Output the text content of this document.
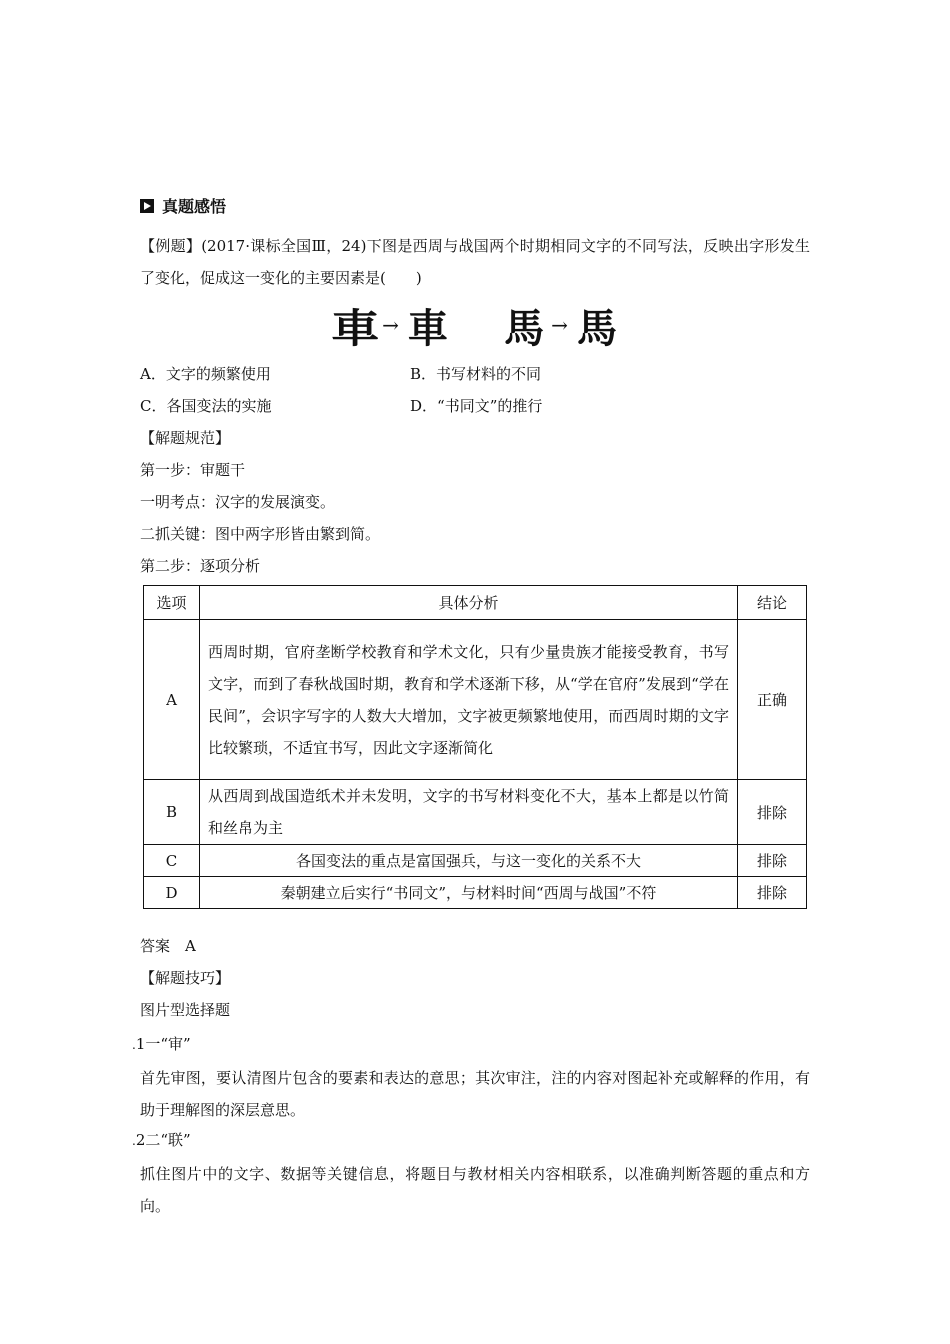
真题感悟
【例题】(2017·课标全国Ⅲ，24)下图是西周与战国两个时期相同文字的不同写法，反映出字形发生了变化，促成这一变化的主要因素是(　　)
車 → 車 馬 → 馬
A．文字的频繁使用	B．书写材料的不同
C．各国变法的实施	D．“书同文”的推行
【解题规范】
第一步：审题干
一明考点：汉字的发展演变。
二抓关键：图中两字形皆由繁到简。
第二步：逐项分析
选项	具体分析	结论
A	西周时期，官府垄断学校教育和学术文化，只有少量贵族才能接受教育，书写文字，而到了春秋战国时期，教育和学术逐渐下移，从“学在官府”发展到“学在民间”，会识字写字的人数大大增加，文字被更频繁地使用，而西周时期的文字比较繁琐，不适宜书写，因此文字逐渐简化	正确
B	从西周到战国造纸术并未发明，文字的书写材料变化不大，基本上都是以竹简和丝帛为主	排除
C	各国变法的重点是富国强兵，与这一变化的关系不大	排除
D	秦朝建立后实行“书同文”，与材料时间“西周与战国”不符	排除
答案　A
【解题技巧】
图片型选择题
.1一“审”
首先审图，要认清图片包含的要素和表达的意思；其次审注，注的内容对图起补充或解释的作用，有助于理解图的深层意思。
.2二“联”
抓住图片中的文字、数据等关键信息，将题目与教材相关内容相联系，以准确判断答题的重点和方向。
